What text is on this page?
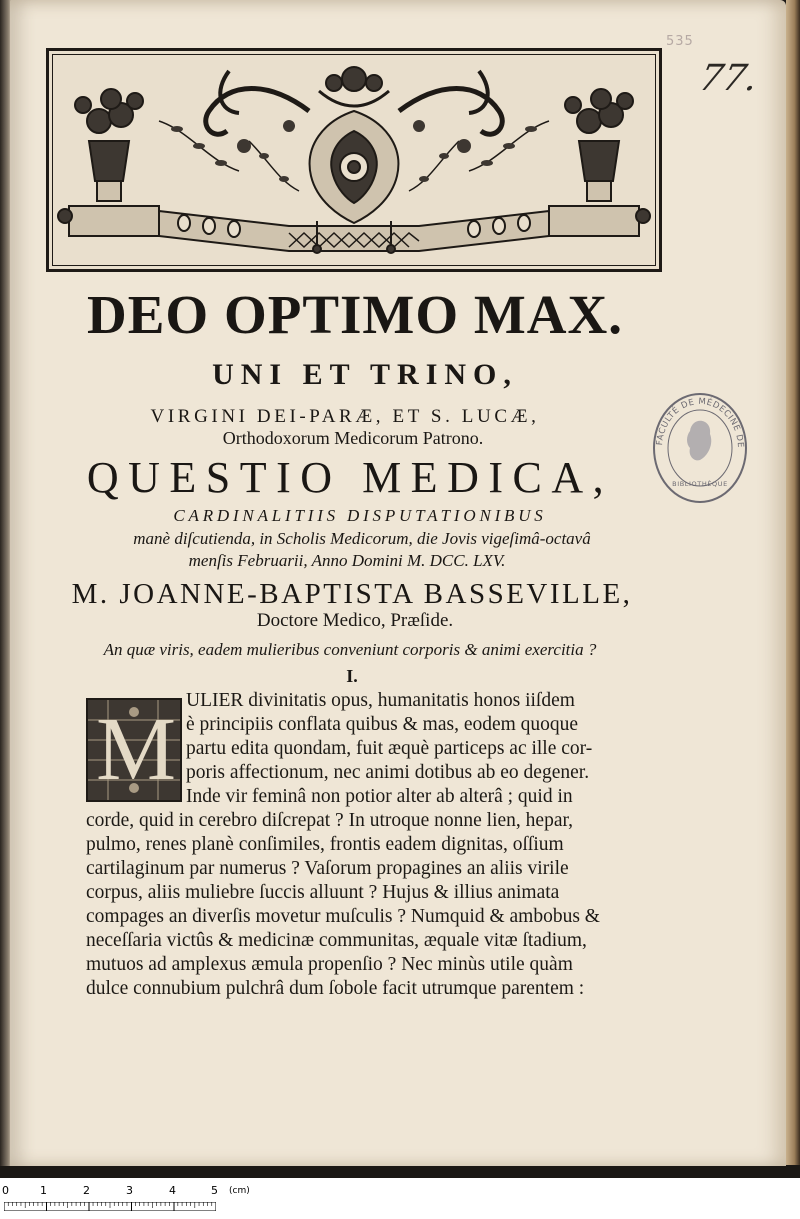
535
77.
DEO OPTIMO MAX.
UNI ET TRINO,
VIRGINI DEI-PARÆ, ET S. LUCÆ,
Orthodoxorum Medicorum Patrono.
QUESTIO MEDICA,
CARDINALITIIS DISPUTATIONIBUS
manè diſcutienda, in Scholis Medicorum, die Jovis vigeſimâ-octavâ
menſis Februarii, Anno Domini M. DCC. LXV.
M. JOANNE-BAPTISTA BASSEVILLE,
Doctore Medico, Præſide.
An quæ viris, eadem mulieribus conveniunt corporis & animi exercitia ?
I.
M ULIER divinitatis opus, humanitatis honos iiſdem
è principiis conflata quibus & mas, eodem quoque
partu edita quondam, fuit æquè particeps ac ille cor-
poris affectionum, nec animi dotibus ab eo degener.
Inde vir feminâ non potior alter ab alterâ ; quid in
corde, quid in cerebro diſcrepat ? In utroque nonne lien, hepar,
pulmo, renes planè conſimiles, frontis eadem dignitas, oſſium
cartilaginum par numerus ? Vaſorum propagines an aliis virile
corpus, aliis muliebre ſuccis alluunt ? Hujus & illius animata
compages an diverſis movetur muſculis ? Numquid & ambobus &
neceſſaria victûs & medicinæ communitas, æquale vitæ ſtadium,
mutuos ad amplexus æmula propenſio ? Nec minùs utile quàm
dulce connubium pulchrâ dum ſobole facit utrumque parentem :
FACULTÉ DE MÉDECINE DE
BIBLIOTHÈQUE
0	1	2	3	4	5 (cm)
